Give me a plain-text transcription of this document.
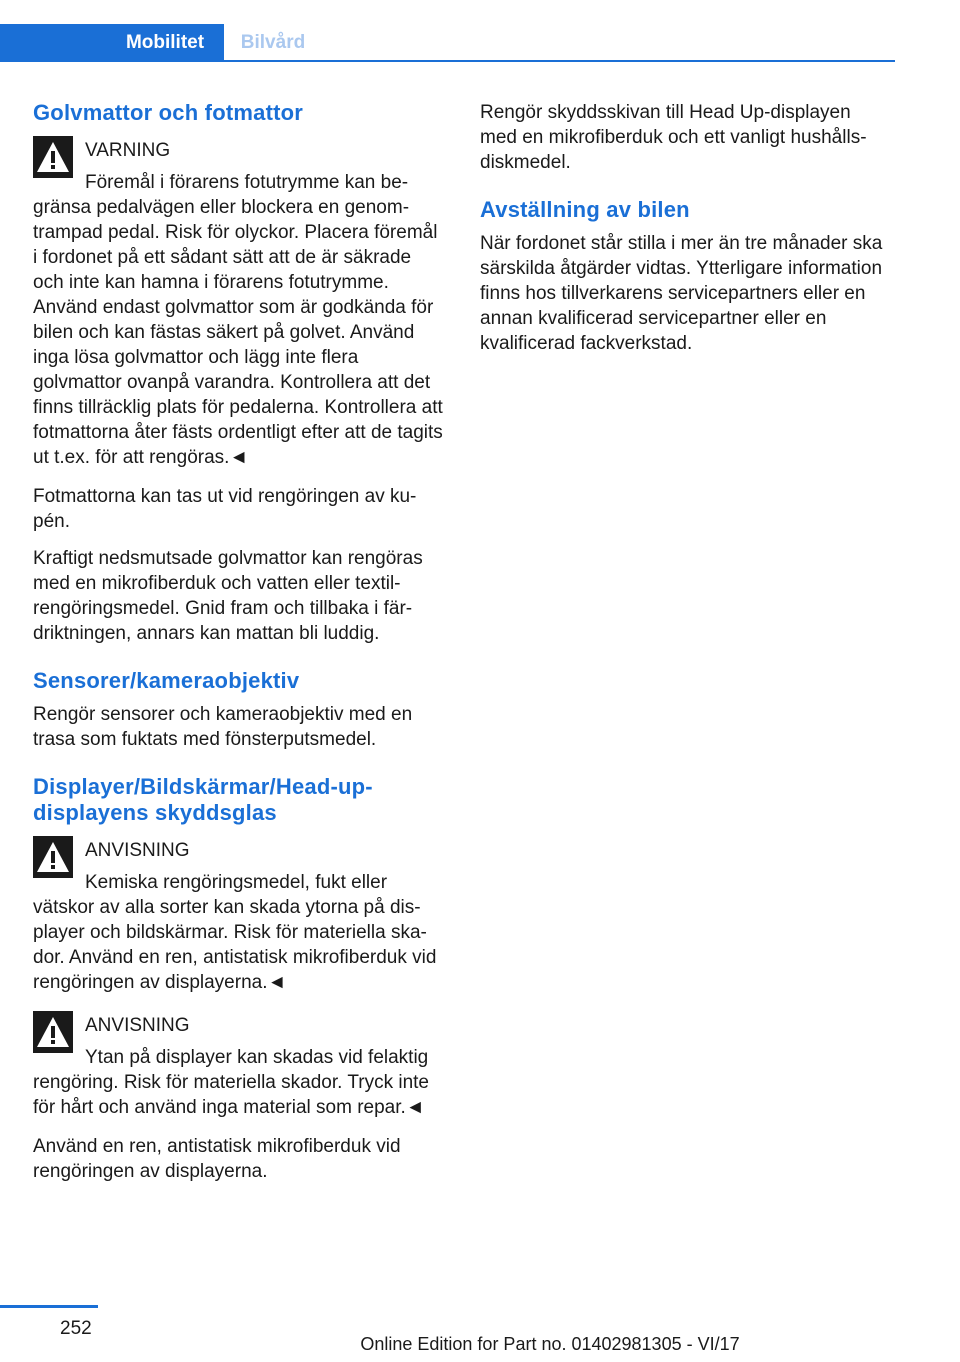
Mobilitet	Bilvård
Golvmattor och fotmattor
VARNING
Föremål i förarens fotutrymme kan begränsa pedalvägen eller blockera en genomtrampad pedal. Risk för olyckor. Placera föremål i fordonet på ett sådant sätt att de är säkrade och inte kan hamna i förarens fotutrymme. Använd endast golvmattor som är godkända för bilen och kan fästas säkert på golvet. Använd inga lösa golvmattor och lägg inte flera golvmattor ovanpå varandra. Kontrollera att det finns tillräcklig plats för pedalerna. Kontrollera att fotmattorna åter fästs ordentligt efter att de tagits ut t.ex. för att rengöras.◄

Fotmattorna kan tas ut vid rengöringen av kupén.

Kraftigt nedsmutsade golvmattor kan rengöras med en mikrofiberduk och vatten eller textilrengöringsmedel. Gnid fram och tillbaka i färdriktningen, annars kan mattan bli luddig.

Sensorer/kameraobjektiv

Rengör sensorer och kameraobjektiv med en trasa som fuktats med fönsterputsmedel.

Displayer/Bildskärmar/Head-up-displayens skyddsglas
ANVISNING
Kemiska rengöringsmedel, fukt eller vätskor av alla sorter kan skada ytorna på displayer och bildskärmar. Risk för materiella skador. Använd en ren, antistatisk mikrofiberduk vid rengöringen av displayerna.◄
ANVISNING
Ytan på displayer kan skadas vid felaktig rengöring. Risk för materiella skador. Tryck inte för hårt och använd inga material som repar.◄

Använd en ren, antistatisk mikrofiberduk vid rengöringen av displayerna.

Rengör skyddsskivan till Head Up-displayen med en mikrofiberduk och ett vanligt hushållsdiskmedel.

Avställning av bilen

När fordonet står stilla i mer än tre månader ska särskilda åtgärder vidtas. Ytterligare information finns hos tillverkarens servicepartners eller en annan kvalificerad servicepartner eller en kvalificerad fackverkstad.

252
Online Edition for Part no. 01402981305 - VI/17
